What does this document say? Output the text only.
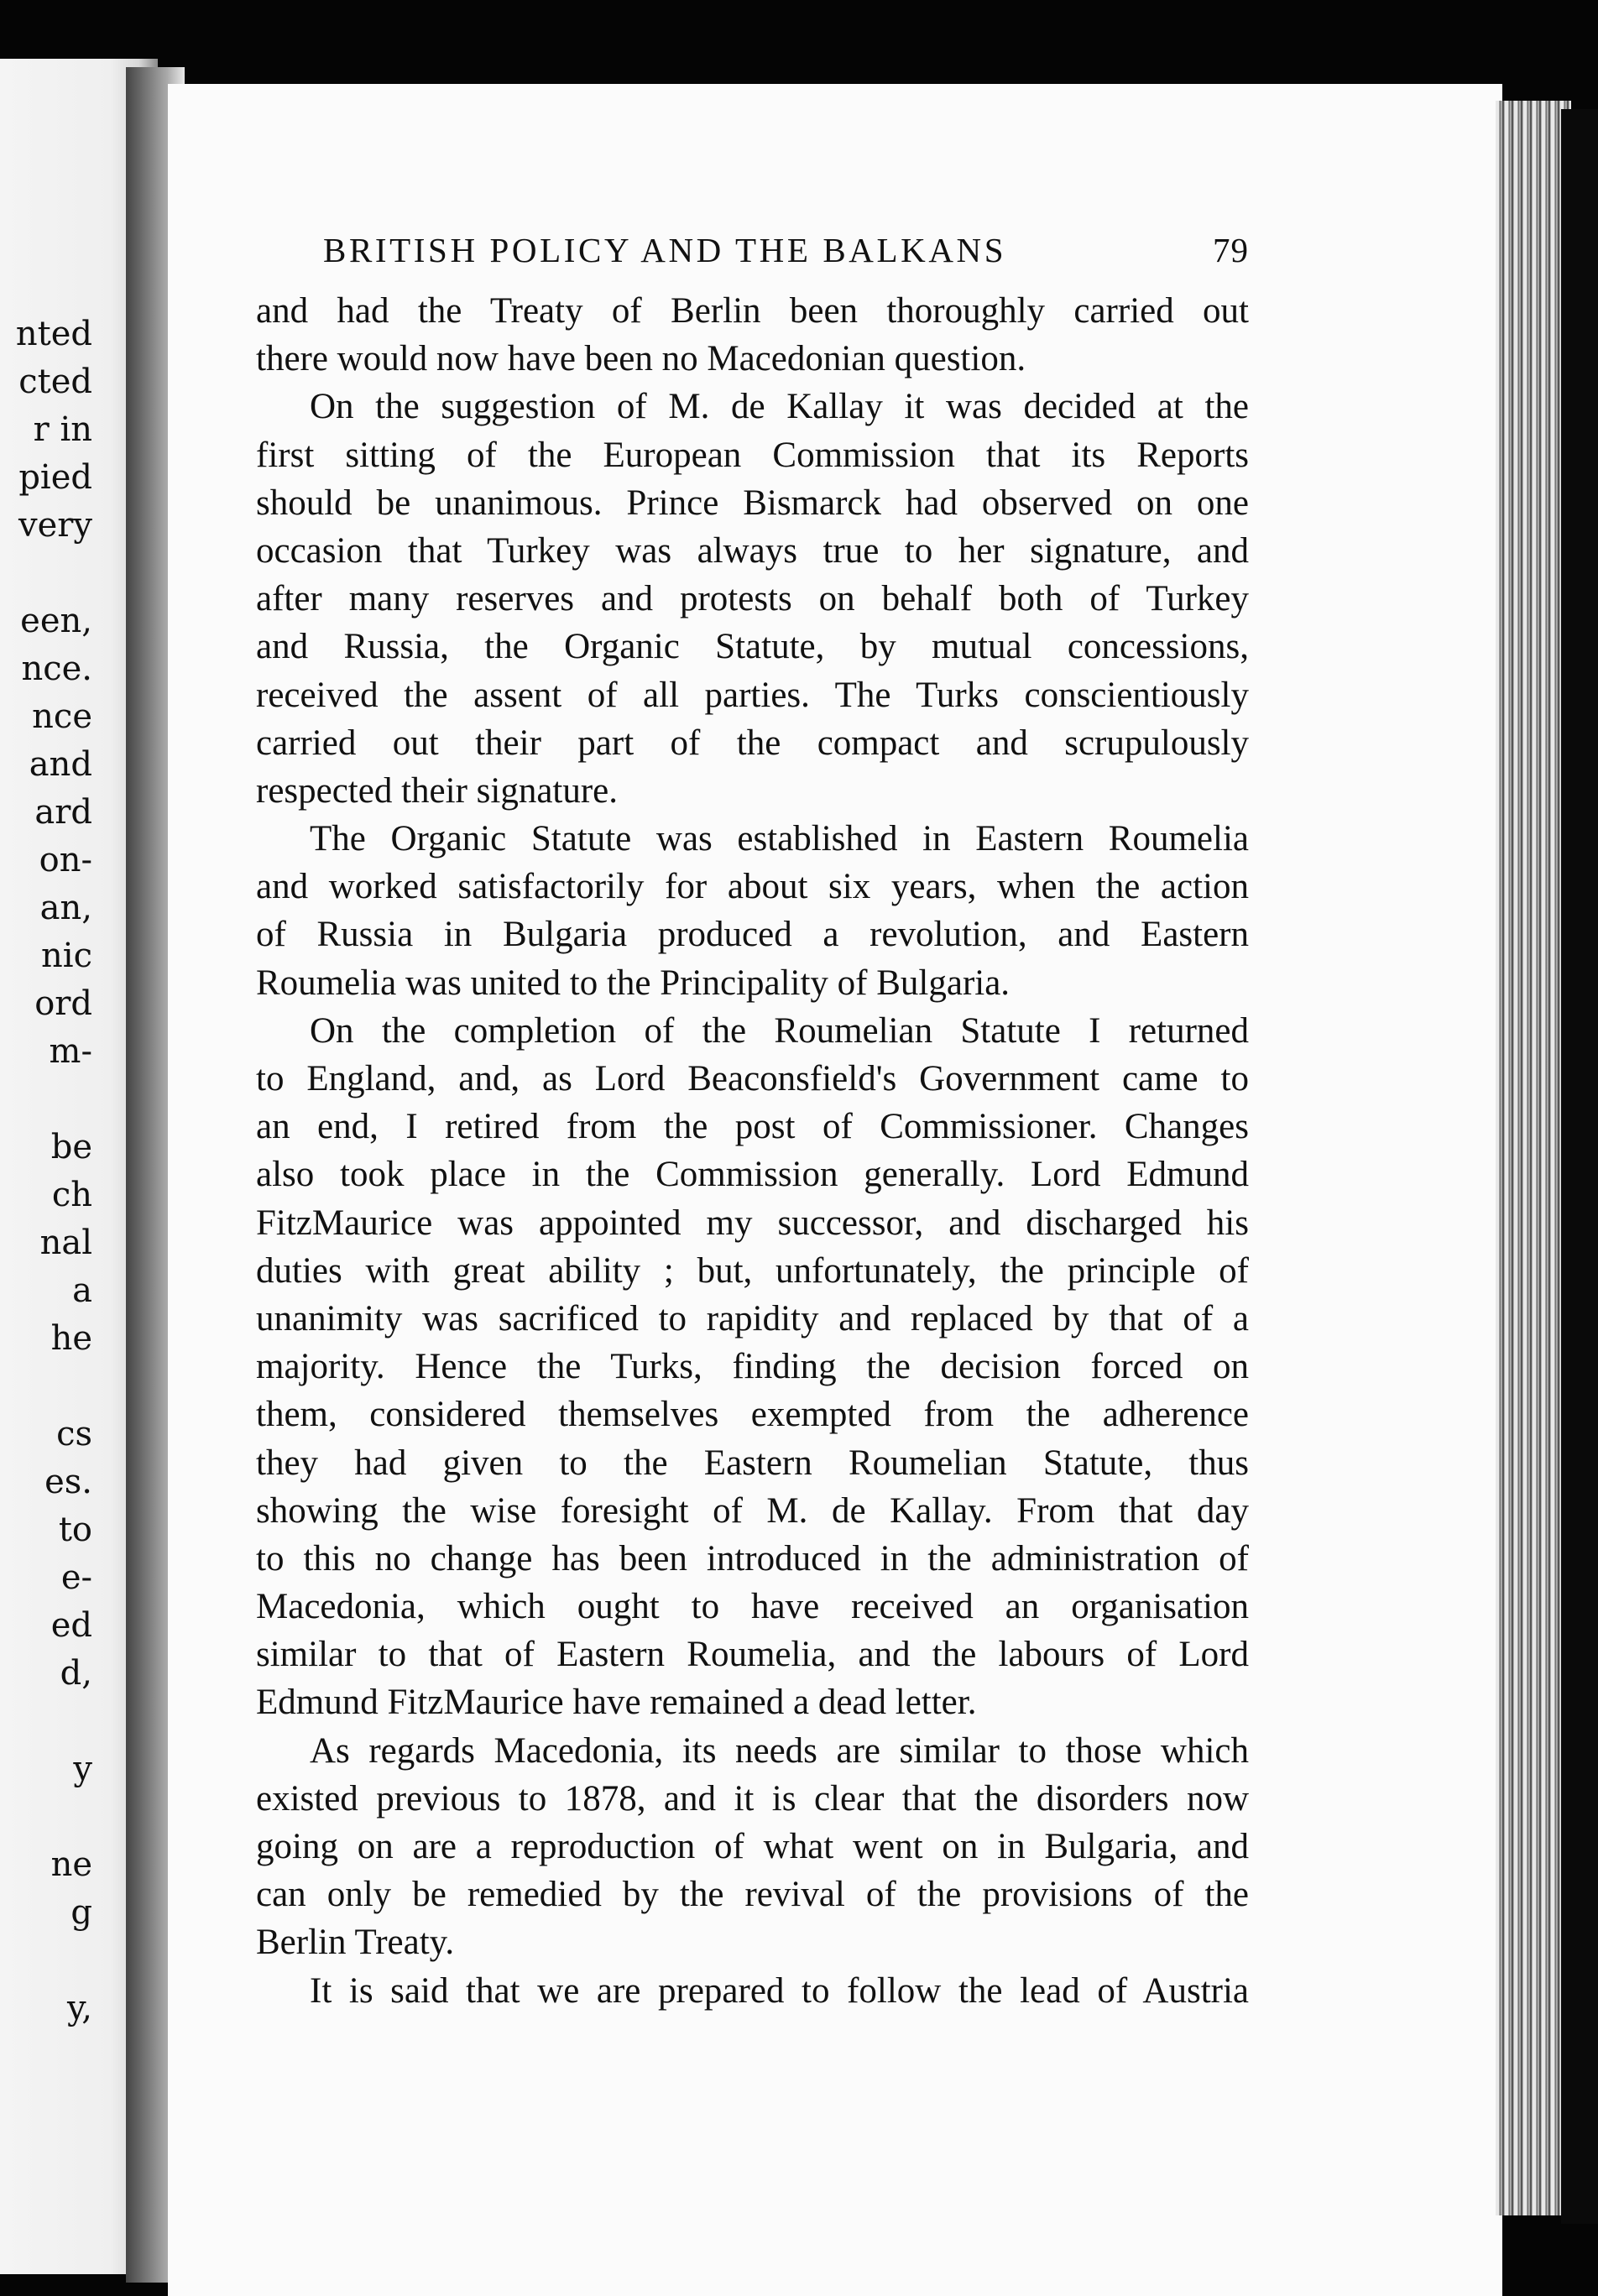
nted
cted
r in
pied
very
een,
nce.
nce
and
ard
on-
an,
nic
ord
m-
be
ch
nal
a
he
cs
es.
to
e-
ed
d,
y
ne
g
y,
BRITISH POLICY AND THE BALKANS	79
and had the Treaty of Berlin been thoroughly carried out
there would now have been no Macedonian question.
On the suggestion of M. de Kallay it was decided at the
first sitting of the European Commission that its Reports
should be unanimous. Prince Bismarck had observed on one
occasion that Turkey was always true to her signature, and
after many reserves and protests on behalf both of Turkey
and Russia, the Organic Statute, by mutual concessions,
received the assent of all parties. The Turks conscientiously
carried out their part of the compact and scrupulously
respected their signature.
The Organic Statute was established in Eastern Roumelia
and worked satisfactorily for about six years, when the action
of Russia in Bulgaria produced a revolution, and Eastern
Roumelia was united to the Principality of Bulgaria.
On the completion of the Roumelian Statute I returned
to England, and, as Lord Beaconsfield's Government came to
an end, I retired from the post of Commissioner. Changes
also took place in the Commission generally. Lord Edmund
FitzMaurice was appointed my successor, and discharged his
duties with great ability ; but, unfortunately, the principle of
unanimity was sacrificed to rapidity and replaced by that of a
majority. Hence the Turks, finding the decision forced on
them, considered themselves exempted from the adherence
they had given to the Eastern Roumelian Statute, thus
showing the wise foresight of M. de Kallay. From that day
to this no change has been introduced in the administration of
Macedonia, which ought to have received an organisation
similar to that of Eastern Roumelia, and the labours of Lord
Edmund FitzMaurice have remained a dead letter.
As regards Macedonia, its needs are similar to those which
existed previous to 1878, and it is clear that the disorders now
going on are a reproduction of what went on in Bulgaria, and
can only be remedied by the revival of the provisions of the
Berlin Treaty.
It is said that we are prepared to follow the lead of Austria
